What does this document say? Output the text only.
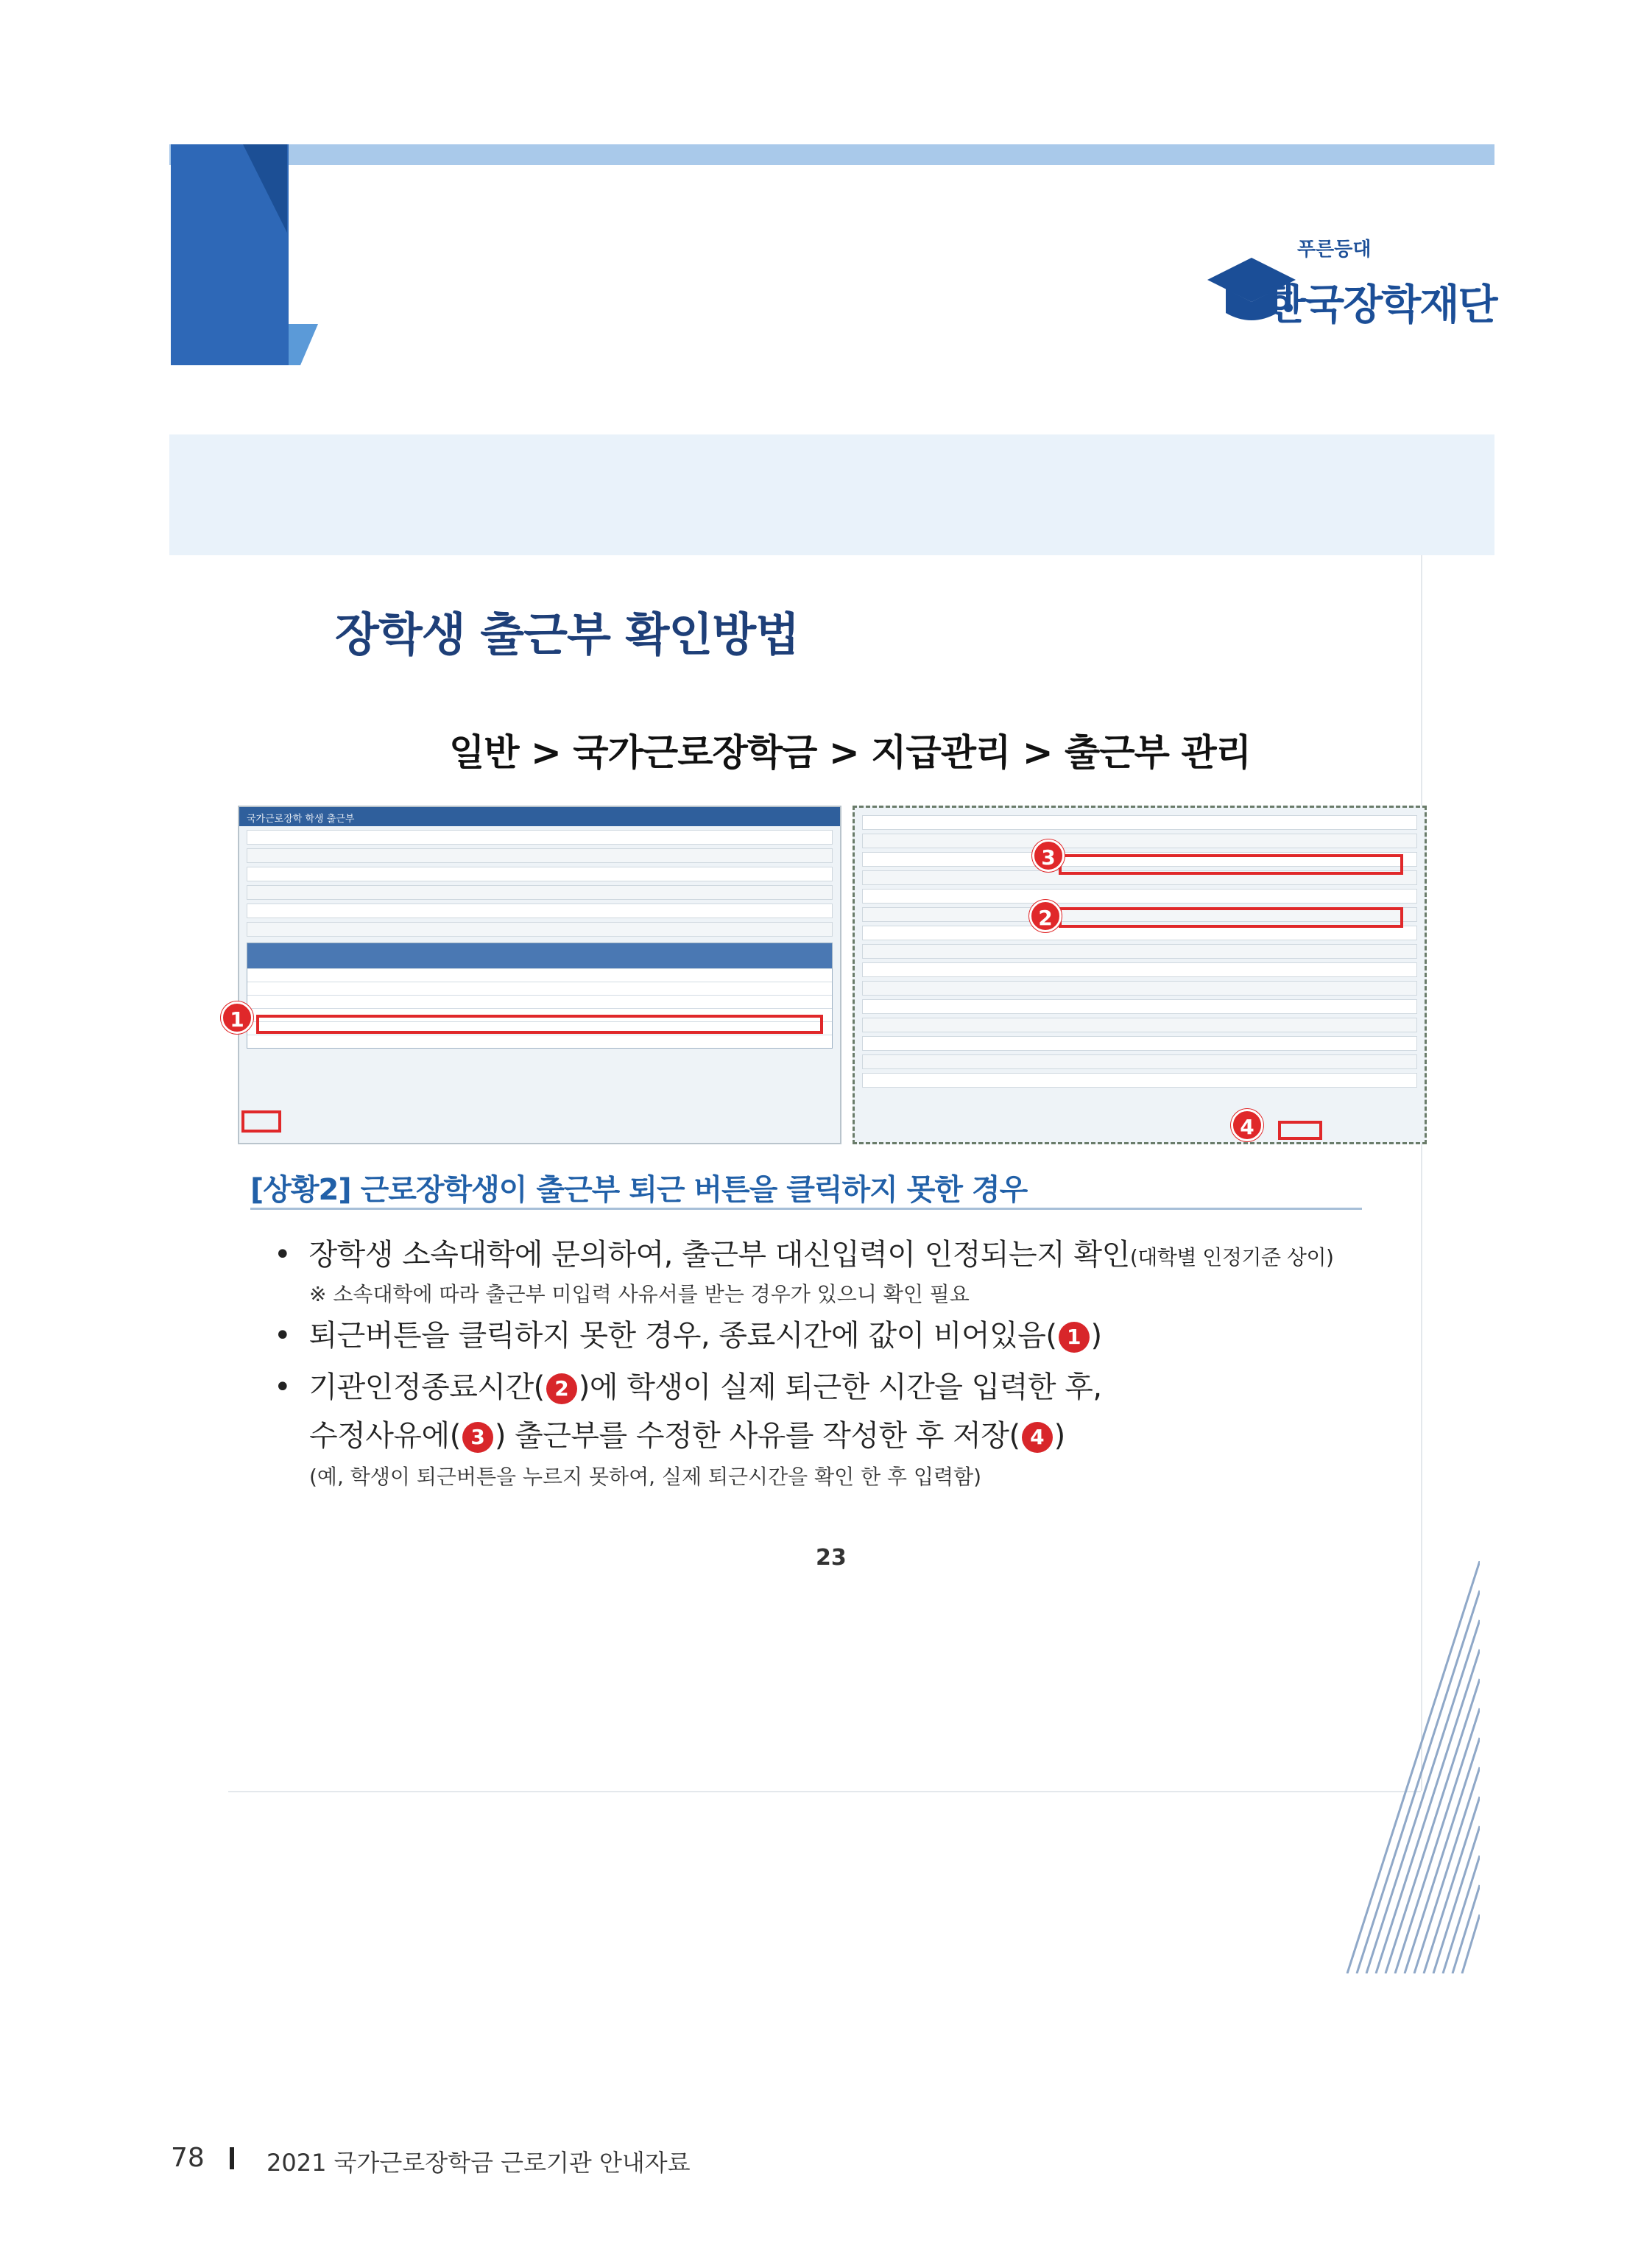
푸른등대
한국장학재단
장학생 출근부 확인방법
일반 > 국가근로장학금 > 지급관리 > 출근부 관리
국가근로장학 학생 출근부
1
3
2
4
[상황2] 근로장학생이 출근부 퇴근 버튼을 클릭하지 못한 경우
•  장학생 소속대학에 문의하여, 출근부 대신입력이 인정되는지 확인(대학별 인정기준 상이)
※ 소속대학에 따라 출근부 미입력 사유서를 받는 경우가 있으니 확인 필요
•  퇴근버튼을 클릭하지 못한 경우, 종료시간에 값이 비어있음( 1 )
•  기관인정종료시간( 2 )에 학생이 실제 퇴근한 시간을 입력한 후,
수정사유에( 3 ) 출근부를 수정한 사유를 작성한 후 저장( 4 )
(예, 학생이 퇴근버튼을 누르지 못하여, 실제 퇴근시간을 확인 한 후 입력함)
23
78	2021 국가근로장학금 근로기관 안내자료
